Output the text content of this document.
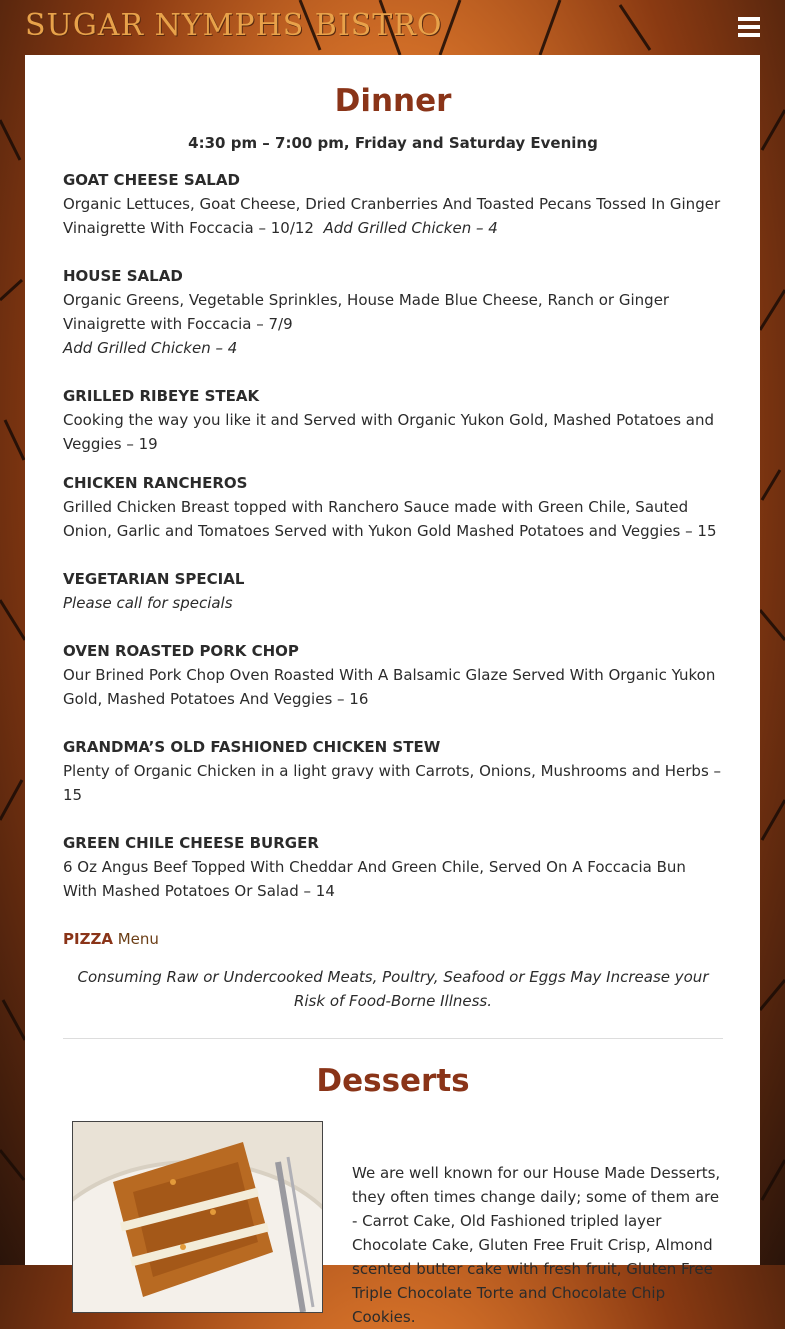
SUGAR NYMPHS BISTRO
Dinner
4:30 pm – 7:00 pm, Friday and Saturday Evening
GOAT CHEESE SALAD
Organic Lettuces, Goat Cheese, Dried Cranberries And Toasted Pecans Tossed In Ginger Vinaigrette With Foccacia – 10/12 Add Grilled Chicken – 4
HOUSE SALAD
Organic Greens, Vegetable Sprinkles, House Made Blue Cheese, Ranch or Ginger Vinaigrette with Foccacia – 7/9
Add Grilled Chicken – 4
GRILLED RIBEYE STEAK
Cooking the way you like it and Served with Organic Yukon Gold, Mashed Potatoes and Veggies – 19
CHICKEN RANCHEROS
Grilled Chicken Breast topped with Ranchero Sauce made with Green Chile, Sauted Onion, Garlic and Tomatoes Served with Yukon Gold Mashed Potatoes and Veggies – 15
VEGETARIAN SPECIAL
Please call for specials
OVEN ROASTED PORK CHOP
Our Brined Pork Chop Oven Roasted With A Balsamic Glaze Served With Organic Yukon Gold, Mashed Potatoes And Veggies – 16
GRANDMA’S OLD FASHIONED CHICKEN STEW
Plenty of Organic Chicken in a light gravy with Carrots, Onions, Mushrooms and Herbs – 15
GREEN CHILE CHEESE BURGER
6 Oz Angus Beef Topped With Cheddar And Green Chile, Served On A Foccacia Bun With Mashed Potatoes Or Salad – 14
PIZZA Menu
Consuming Raw or Undercooked Meats, Poultry, Seafood or Eggs May Increase your Risk of Food-Borne Illness.
Desserts
We are well known for our House Made Desserts, they often times change daily; some of them are - Carrot Cake, Old Fashioned tripled layer Chocolate Cake, Gluten Free Fruit Crisp, Almond scented butter cake with fresh fruit, Gluten Free Triple Chocolate Torte and Chocolate Chip Cookies.
